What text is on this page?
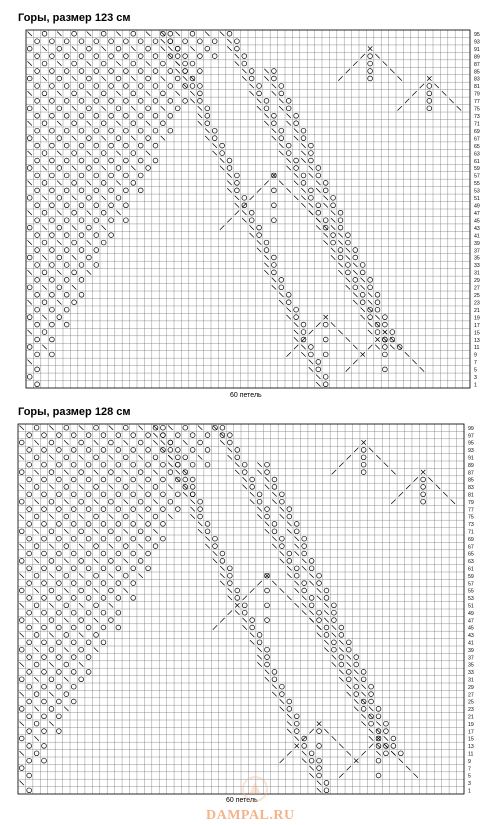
Горы, размер 123 см
95
93
91
89
87
85
83
81
79
77
75
73
71
69
67
65
63
61
59
57
55
53
51
49
47
45
43
41
39
37
35
33
31
29
27
25
23
21
19
17
15
13
11
9
7
5
3
1
60 петель
Горы, размер 128 см
99
97
95
93
91
89
87
85
83
81
79
77
75
73
71
69
67
65
63
61
59
57
55
53
51
49
47
45
43
41
39
37
35
33
31
29
27
25
23
21
19
17
15
13
11
9
7
5
3
1
60 петель
DAMPAL.RU
